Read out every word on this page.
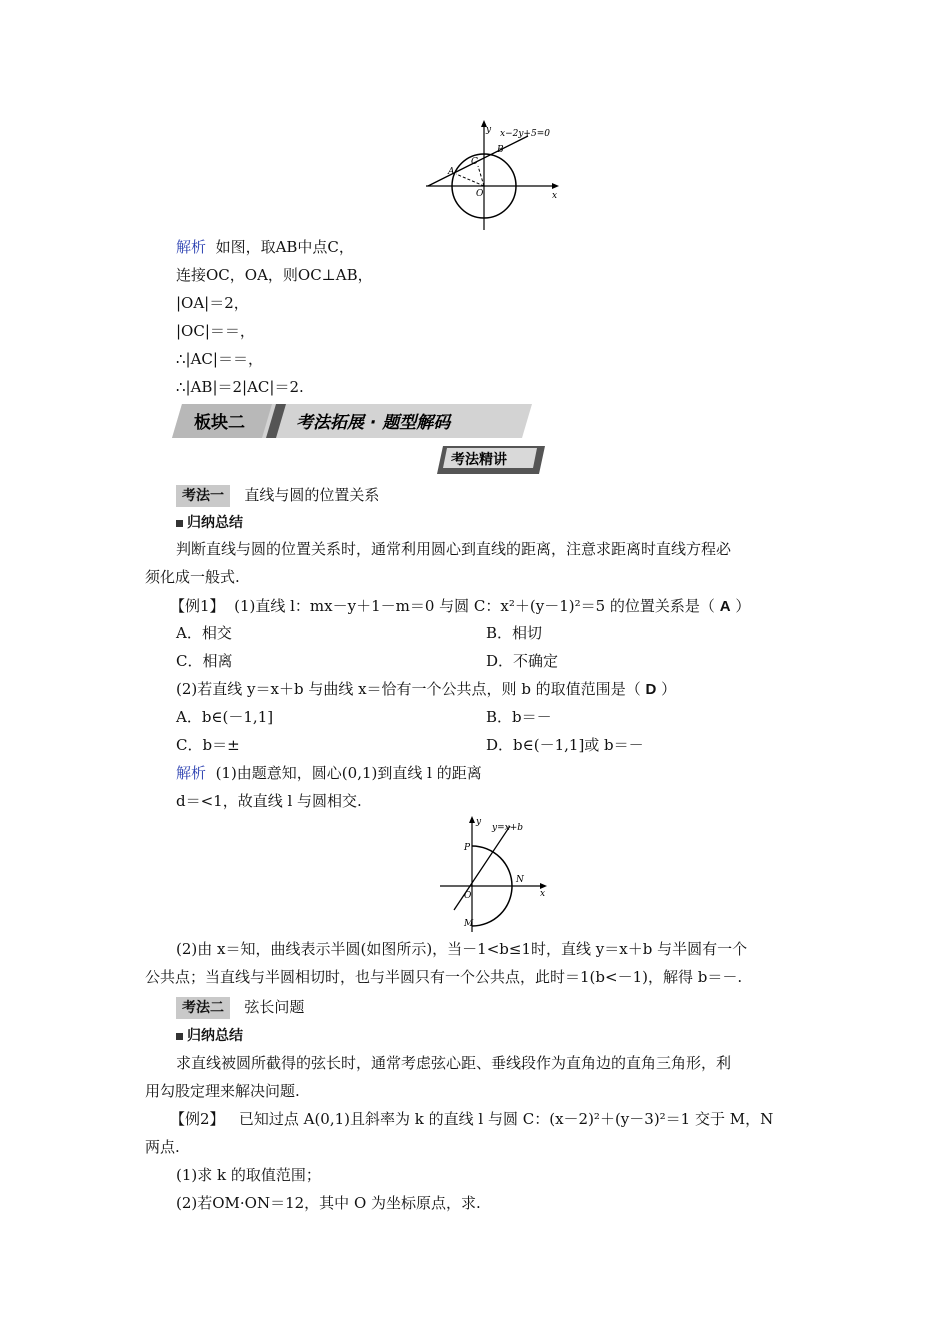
y
x
x−2y+5=0
B
C
A
O
解析 如图，取AB中点C，
连接OC，OA，则OC⊥AB，
|OA|＝2，
|OC|＝＝，
∴|AC|＝＝，
∴|AB|＝2|AC|＝2.
板块二	考法拓展 · 题型解码
考法精讲
考法一 直线与圆的位置关系
归纳总结
判断直线与圆的位置关系时，通常利用圆心到直线的距离，注意求距离时直线方程必
须化成一般式.
【例1】 (1)直线 l：mx－y＋1－m＝0 与圆 C：x²＋(y－1)²＝5 的位置关系是（ A ）
A．相交	B．相切
C．相离	D．不确定
(2)若直线 y＝x＋b 与曲线 x＝恰有一个公共点，则 b 的取值范围是（ D ）
A．b∈(－1,1]	B．b＝－
C．b＝±	D．b∈(－1,1]或 b＝－
解析 (1)由题意知，圆心(0,1)到直线 l 的距离
d＝<1，故直线 l 与圆相交.
y
x
y=x+b
P
O
N
M
(2)由 x＝知，曲线表示半圆(如图所示)，当－1<b≤1时，直线 y＝x＋b 与半圆有一个
公共点；当直线与半圆相切时，也与半圆只有一个公共点，此时＝1(b<－1)，解得 b＝－.
考法二 弦长问题
归纳总结
求直线被圆所截得的弦长时，通常考虑弦心距、垂线段作为直角边的直角三角形，利
用勾股定理来解决问题.
【例2】 已知过点 A(0,1)且斜率为 k 的直线 l 与圆 C：(x－2)²＋(y－3)²＝1 交于 M，N
两点.
(1)求 k 的取值范围；
(2)若OM·ON＝12，其中 O 为坐标原点，求.
